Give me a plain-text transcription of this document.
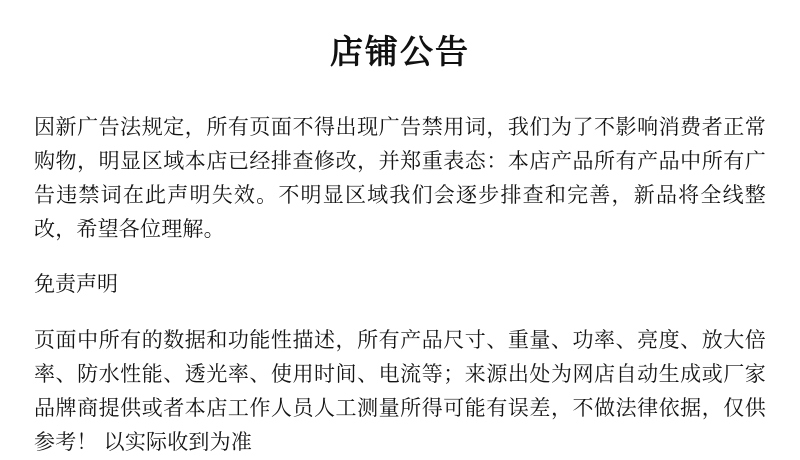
店铺公告

因新广告法规定，所有页面不得出现广告禁用词，我们为了不影响消费者正常购物，明显区域本店已经排查修改，并郑重表态：本店产品所有产品中所有广告违禁词在此声明失效。不明显区域我们会逐步排查和完善，新品将全线整改，希望各位理解。

免责声明

页面中所有的数据和功能性描述，所有产品尺寸、重量、功率、亮度、放大倍率、防水性能、透光率、使用时间、电流等；来源出处为网店自动生成或厂家品牌商提供或者本店工作人员人工测量所得可能有误差，不做法律依据，仅供参考！ 以实际收到为准
